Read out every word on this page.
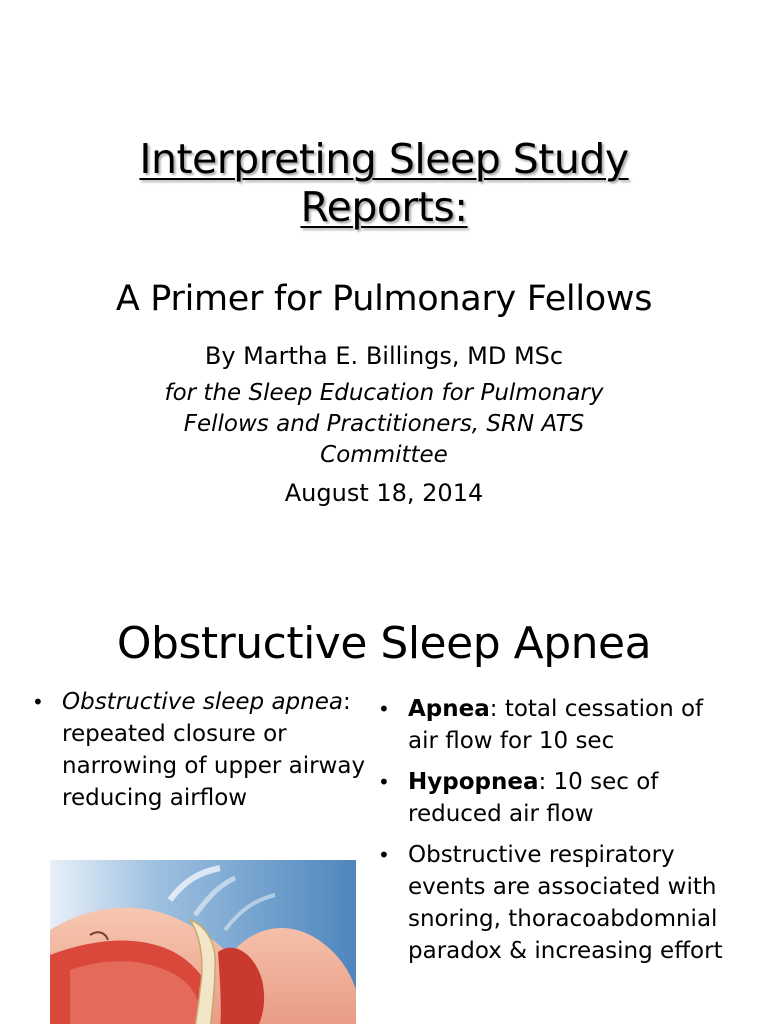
Interpreting Sleep Study
Reports:
A Primer for Pulmonary Fellows
By Martha E. Billings, MD MSc
for the Sleep Education for Pulmonary
Fellows and Practitioners, SRN ATS
Committee
August 18, 2014
Obstructive Sleep Apnea
• Obstructive sleep apnea: repeated closure or narrowing of upper airway reducing airflow
• Apnea: total cessation of air flow for 10 sec
• Hypopnea: 10 sec of reduced air flow
• Obstructive respiratory events are associated with snoring, thoracoabdomnial paradox & increasing effort
